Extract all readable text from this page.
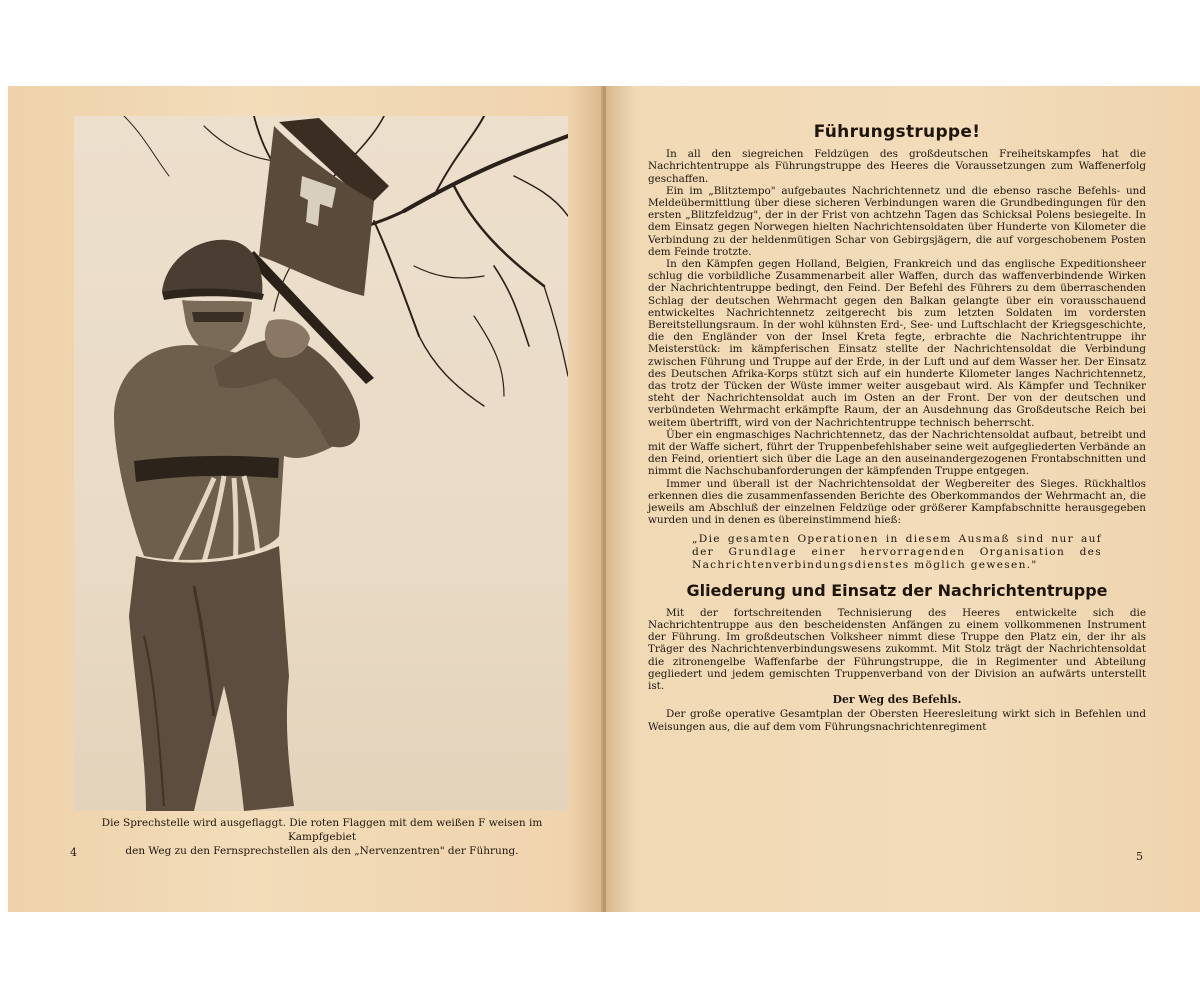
Die Sprechstelle wird ausgeflaggt. Die roten Flaggen mit dem weißen F weisen im Kampfgebiet
den Weg zu den Fernsprechstellen als den „Nervenzentren" der Führung.
4
Führungstruppe!

In all den siegreichen Feldzügen des großdeutschen Freiheitskampfes hat die Nachrichtentruppe als Führungstruppe des Heeres die Voraussetzungen zum Waffenerfolg geschaffen.

Ein im „Blitztempo" aufgebautes Nachrichtennetz und die ebenso rasche Befehls- und Meldeübermittlung über diese sicheren Verbindungen waren die Grundbedingungen für den ersten „Blitzfeldzug", der in der Frist von achtzehn Tagen das Schicksal Polens besiegelte. In dem Einsatz gegen Norwegen hielten Nachrichtensoldaten über Hunderte von Kilometer die Verbindung zu der heldenmütigen Schar von Gebirgsjägern, die auf vorgeschobenem Posten dem Feinde trotzte.

In den Kämpfen gegen Holland, Belgien, Frankreich und das englische Expeditionsheer schlug die vorbildliche Zusammenarbeit aller Waffen, durch das waffenverbindende Wirken der Nachrichtentruppe bedingt, den Feind. Der Befehl des Führers zu dem überraschenden Schlag der deutschen Wehrmacht gegen den Balkan gelangte über ein vorausschauend entwickeltes Nachrichtennetz zeitgerecht bis zum letzten Soldaten im vordersten Bereitstellungsraum. In der wohl kühnsten Erd-, See- und Luftschlacht der Kriegsgeschichte, die den Engländer von der Insel Kreta fegte, erbrachte die Nachrichtentruppe ihr Meisterstück: im kämpferischen Einsatz stellte der Nachrichtensoldat die Verbindung zwischen Führung und Truppe auf der Erde, in der Luft und auf dem Wasser her. Der Einsatz des Deutschen Afrika-Korps stützt sich auf ein hunderte Kilometer langes Nachrichtennetz, das trotz der Tücken der Wüste immer weiter ausgebaut wird. Als Kämpfer und Techniker steht der Nachrichtensoldat auch im Osten an der Front. Der von der deutschen und verbündeten Wehrmacht erkämpfte Raum, der an Ausdehnung das Großdeutsche Reich bei weitem übertrifft, wird von der Nachrichtentruppe technisch beherrscht.

Über ein engmaschiges Nachrichtennetz, das der Nachrichtensoldat aufbaut, betreibt und mit der Waffe sichert, führt der Truppenbefehlshaber seine weit aufgegliederten Verbände an den Feind, orientiert sich über die Lage an den auseinandergezogenen Frontabschnitten und nimmt die Nachschubanforderungen der kämpfenden Truppe entgegen.

Immer und überall ist der Nachrichtensoldat der Wegbereiter des Sieges. Rückhaltlos erkennen dies die zusammenfassenden Berichte des Oberkommandos der Wehrmacht an, die jeweils am Abschluß der einzelnen Feldzüge oder größerer Kampfabschnitte herausgegeben wurden und in denen es übereinstimmend hieß:

„Die gesamten Operationen in diesem Ausmaß sind nur auf der Grundlage einer hervorragenden Organisation des Nachrichtenverbindungsdienstes möglich gewesen."

Gliederung und Einsatz der Nachrichtentruppe

Mit der fortschreitenden Technisierung des Heeres entwickelte sich die Nachrichtentruppe aus den bescheidensten Anfängen zu einem vollkommenen Instrument der Führung. Im großdeutschen Volksheer nimmt diese Truppe den Platz ein, der ihr als Träger des Nachrichtenverbindungswesens zukommt. Mit Stolz trägt der Nachrichtensoldat die zitronengelbe Waffenfarbe der Führungstruppe, die in Regimenter und Abteilung gegliedert und jedem gemischten Truppenverband von der Division an aufwärts unterstellt ist.

Der Weg des Befehls.

Der große operative Gesamtplan der Obersten Heeresleitung wirkt sich in Befehlen und Weisungen aus, die auf dem vom Führungsnachrichtenregiment

5
